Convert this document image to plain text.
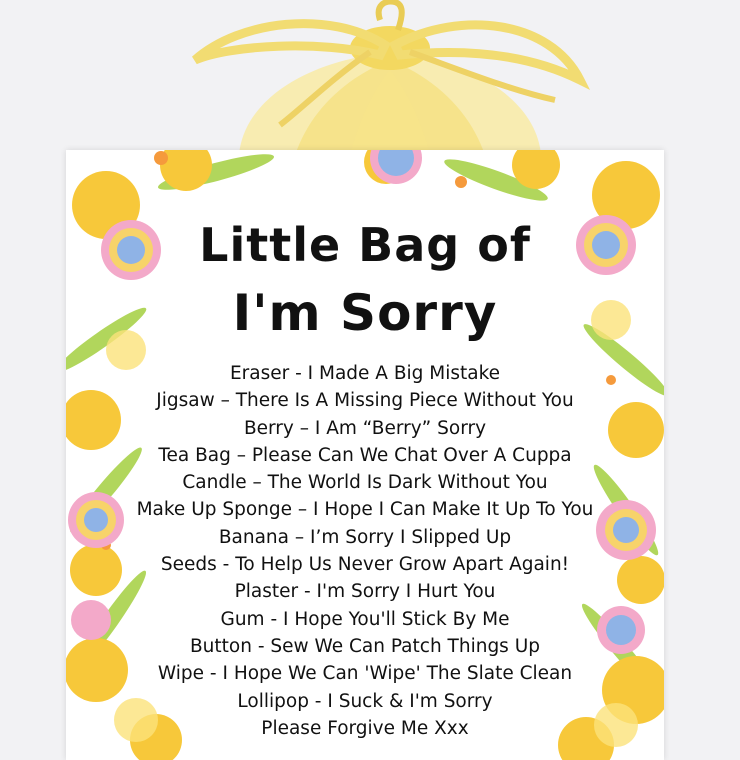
Little Bag of
I'm Sorry
Eraser - I Made A Big Mistake
Jigsaw – There Is A Missing Piece Without You
Berry – I Am “Berry” Sorry
Tea Bag – Please Can We Chat Over A Cuppa
Candle – The World Is Dark Without You
Make Up Sponge – I Hope I Can Make It Up To You
Banana – I’m Sorry I Slipped Up
Seeds - To Help Us Never Grow Apart Again!
Plaster - I'm Sorry I Hurt You
Gum - I Hope You'll Stick By Me
Button - Sew We Can Patch Things Up
Wipe - I Hope We Can 'Wipe' The Slate Clean
Lollipop - I Suck & I'm Sorry
Please Forgive Me Xxx
